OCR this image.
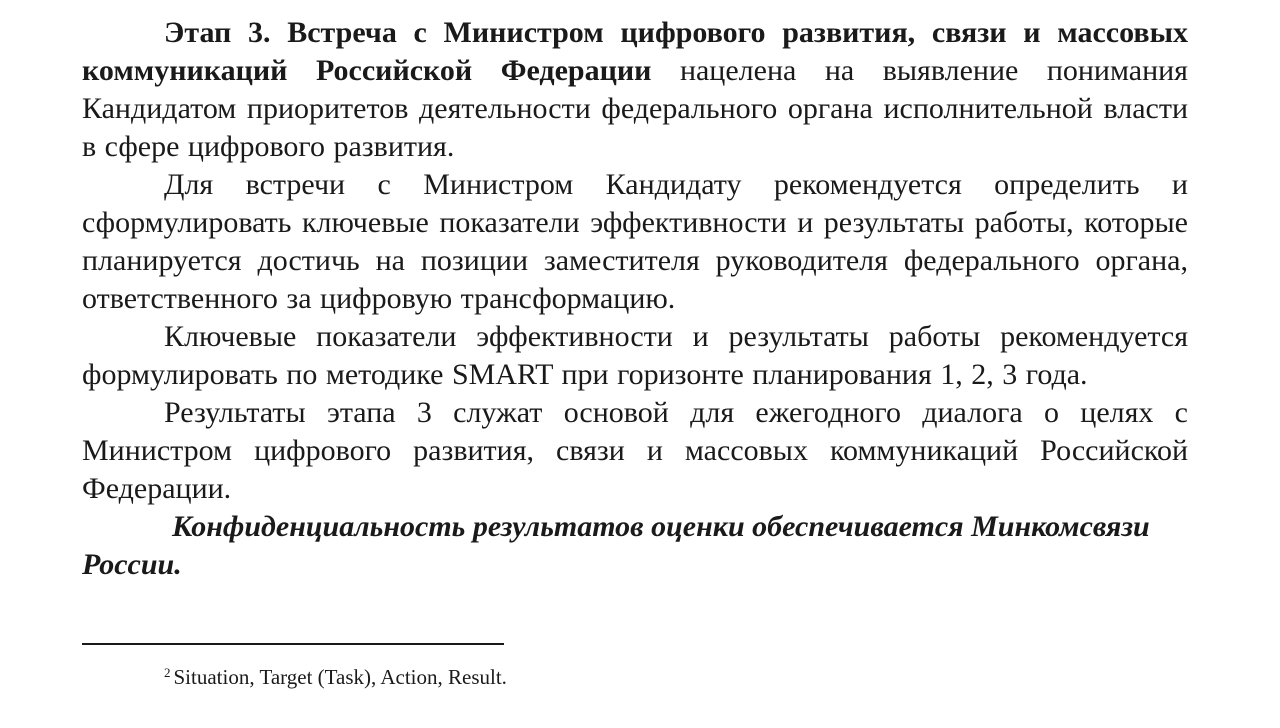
Этап 3. Встреча с Министром цифрового развития, связи и массовых коммуникаций Российской Федерации нацелена на выявление понимания Кандидатом приоритетов деятельности федерального органа исполнительной власти в сфере цифрового развития.

Для встречи с Министром Кандидату рекомендуется определить и сформулировать ключевые показатели эффективности и результаты работы, которые планируется достичь на позиции заместителя руководителя федерального органа, ответственного за цифровую трансформацию.

Ключевые показатели эффективности и результаты работы рекомендуется формулировать по методике SMART при горизонте планирования 1, 2, 3 года.

Результаты этапа 3 служат основой для ежегодного диалога о целях с Министром цифрового развития, связи и массовых коммуникаций Российской Федерации.

Конфиденциальность результатов оценки обеспечивается Минкомсвязи России.

$^2$ Situation, Target (Task), Action, Result.
